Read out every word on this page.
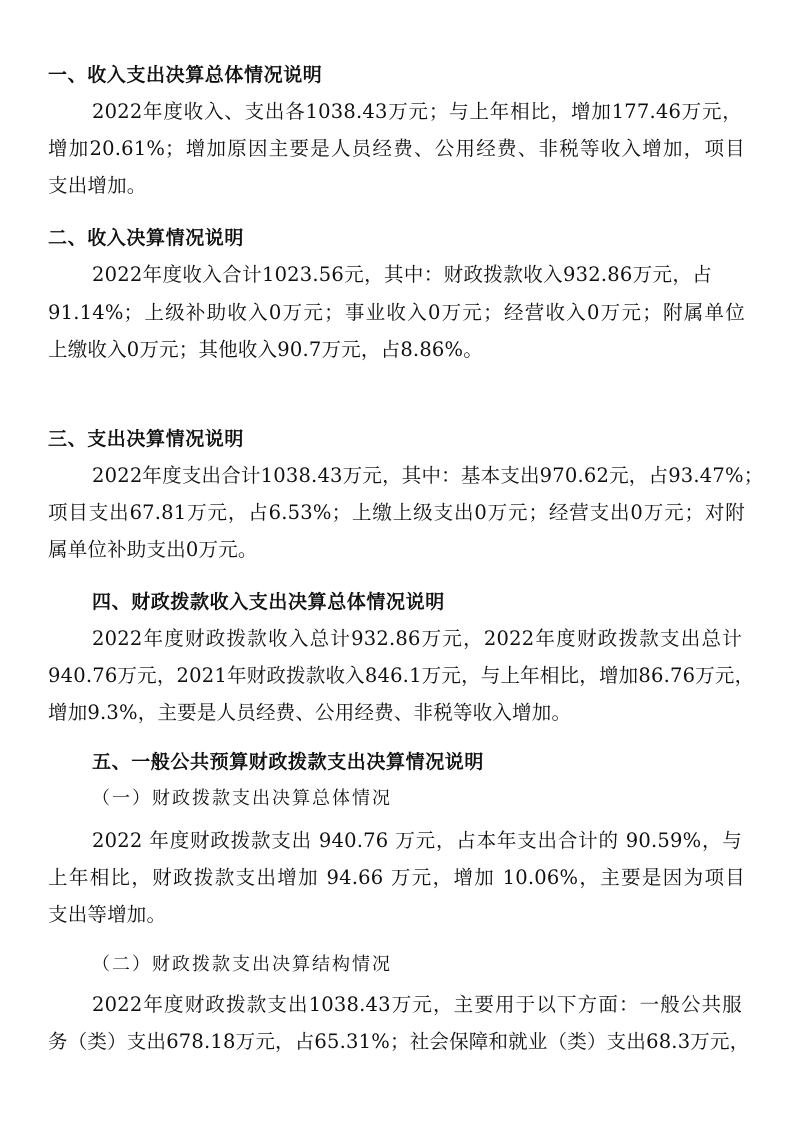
一、收入支出决算总体情况说明

2022年度收入、支出各1038.43万元；与上年相比，增加177.46万元，

增加20.61%；增加原因主要是人员经费、公用经费、非税等收入增加，项目

支出增加。

二、收入决算情况说明

2022年度收入合计1023.56元，其中：财政拨款收入932.86万元，占

91.14%；上级补助收入0万元；事业收入0万元；经营收入0万元；附属单位

上缴收入0万元；其他收入90.7万元，占8.86%。

三、支出决算情况说明

2022年度支出合计1038.43万元，其中：基本支出970.62元，占93.47%；

项目支出67.81万元，占6.53%；上缴上级支出0万元；经营支出0万元；对附

属单位补助支出0万元。

四、财政拨款收入支出决算总体情况说明

2022年度财政拨款收入总计932.86万元，2022年度财政拨款支出总计

940.76万元，2021年财政拨款收入846.1万元，与上年相比，增加86.76万元，

增加9.3%，主要是人员经费、公用经费、非税等收入增加。

五、一般公共预算财政拨款支出决算情况说明

（一）财政拨款支出决算总体情况

2022 年度财政拨款支出 940.76 万元，占本年支出合计的 90.59%，与

上年相比，财政拨款支出增加 94.66 万元，增加 10.06%，主要是因为项目

支出等增加。

（二）财政拨款支出决算结构情况

2022年度财政拨款支出1038.43万元，主要用于以下方面：一般公共服

务（类）支出678.18万元，占65.31%；社会保障和就业（类）支出68.3万元，
